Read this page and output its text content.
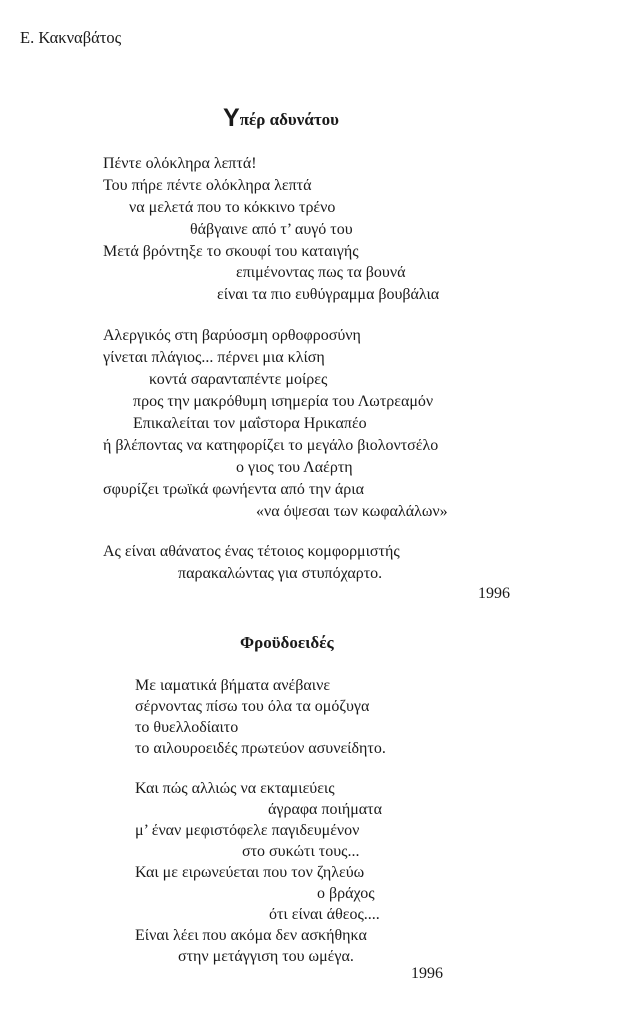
Ε. Κακναβάτος
Υπέρ αδυνάτου
Πέντε ολόκληρα λεπτά!
Του πήρε πέντε ολόκληρα λεπτά
να μελετά που το κόκκινο τρένο
θάβγαινε από τ’ αυγό του
Μετά βρόντηξε το σκουφί του καταιγής
επιμένοντας πως τα βουνά
είναι τα πιο ευθύγραμμα βουβάλια
Αλεργικός στη βαρύοσμη ορθοφροσύνη
γίνεται πλάγιος... πέρνει μια κλίση
κοντά σαρανταπέντε μοίρες
προς την μακρόθυμη ισημερία του Λωτρεαμόν
Επικαλείται τον μαΐστορα Ηρικαπέο
ή βλέποντας να κατηφορίζει το μεγάλο βιολοντσέλο
ο γιος του Λαέρτη
σφυρίζει τρωϊκά φωνήεντα από την άρια
«να όψεσαι των κωφαλάλων»
Ας είναι αθάνατος ένας τέτοιος κομφορμιστής
παρακαλώντας για στυπόχαρτο.
1996
Φροϋδοειδές
Με ιαματικά βήματα ανέβαινε
σέρνοντας πίσω του όλα τα ομόζυγα
το θυελλοδίαιτο
το αιλουροειδές πρωτεύον ασυνείδητο.
Και πώς αλλιώς να εκταμιεύεις
άγραφα ποιήματα
μ’ έναν μεφιστόφελε παγιδευμένον
στο συκώτι τους...
Και με ειρωνεύεται που τον ζηλεύω
ο βράχος
ότι είναι άθεος....
Είναι λέει που ακόμα δεν ασκήθηκα
στην μετάγγιση του ωμέγα.
1996
